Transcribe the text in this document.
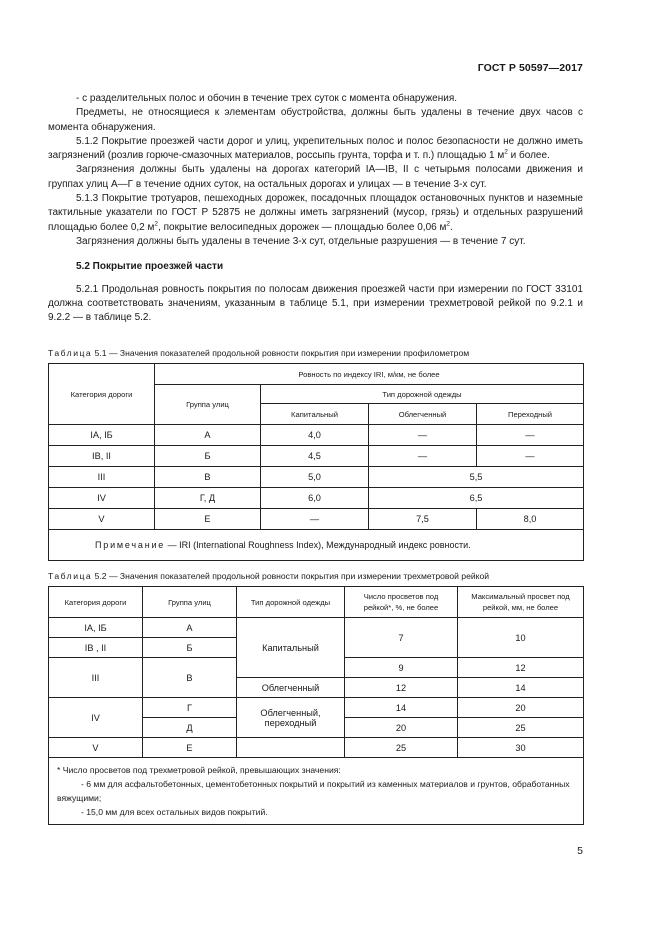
ГОСТ Р 50597—2017

- с разделительных полос и обочин в течение трех суток с момента обнаружения.

Предметы, не относящиеся к элементам обустройства, должны быть удалены в течение двух часов с момента обнаружения.

5.1.2 Покрытие проезжей части дорог и улиц, укрепительных полос и полос безопасности не должно иметь загрязнений (розлив горюче-смазочных материалов, россыпь грунта, торфа и т. п.) площадью 1 $м^2$ и более.

Загрязнения должны быть удалены на дорогах категорий IА—IВ, II с четырьмя полосами движения и группах улиц А—Г в течение одних суток, на остальных дорогах и улицах — в течение 3-х сут.

5.1.3 Покрытие тротуаров, пешеходных дорожек, посадочных площадок остановочных пунктов и наземные тактильные указатели по ГОСТ Р 52875 не должны иметь загрязнений (мусор, грязь) и отдельных разрушений площадью более 0,2 $м^2$, покрытие велосипедных дорожек — площадью более 0,06 $м^2$.

Загрязнения должны быть удалены в течение 3-х сут, отдельные разрушения — в течение 7 сут.

5.2 Покрытие проезжей части

5.2.1 Продольная ровность покрытия по полосам движения проезжей части при измерении по ГОСТ 33101 должна соответствовать значениям, указанным в таблице 5.1, при измерении трехметровой рейкой по 9.2.1 и 9.2.2 — в таблице 5.2.

Таблица 5.1 — Значения показателей продольной ровности покрытия при измерении профилометром
Категория дороги	Ровность по индексу IRI, м/км, не более			
	Группа улиц	Тип дорожной одежды		
		Капитальный	Облегченный	Переходный
IА, IБ	А	4,0	—	—
IВ, II	Б	4,5	—	—
III	В	5,0	5,5	
IV	Г, Д	6,0	6,5	
V	Е	—	7,5	8,0
Примечание — IRI (International Roughness Index), Международный индекс ровности.				
Таблица 5.2 — Значения показателей продольной ровности покрытия при измерении трехметровой рейкой
Категория дороги	Группа улиц	Тип дорожной одежды	Число просветов под рейкой*, %, не более	Максимальный просвет под рейкой, мм, не более
IА, IБ	А	Капитальный	7	10
IВ , II	Б			
III	В		9	12
		Облегченный	12	14
IV	Г	Облегченный, переходный	14	20
	Д		20	25
V	Е		25	30

* Число просветов под трехметровой рейкой, превышающих значения:

- 6 мм для асфальтобетонных, цементобетонных покрытий и покрытий из каменных материалов и грунтов, обработанных вяжущими;

- 15,0 мм для всех остальных видов покрытий.				

5
